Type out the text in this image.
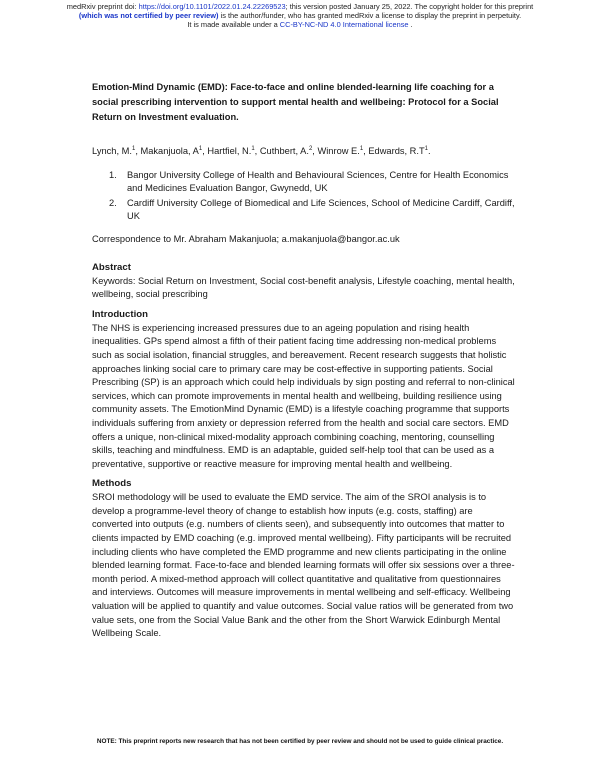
medRxiv preprint doi: https://doi.org/10.1101/2022.01.24.22269523; this version posted January 25, 2022. The copyright holder for this preprint
(which was not certified by peer review) is the author/funder, who has granted medRxiv a license to display the preprint in perpetuity.
It is made available under a CC-BY-NC-ND 4.0 International license .

Emotion-Mind Dynamic (EMD): Face-to-face and online blended-learning life coaching for a social prescribing intervention to support mental health and wellbeing: Protocol for a Social Return on Investment evaluation.

Lynch, M.$^1$, Makanjuola, $A^1$, Hartfiel, N.$^1$, Cuthbert, A.$^2$, Winrow E.$^1$, Edwards, $R.T^1$.

1. Bangor University College of Health and Behavioural Sciences, Centre for Health Economics and Medicines Evaluation Bangor, Gwynedd, UK
2. Cardiff University College of Biomedical and Life Sciences, School of Medicine Cardiff, Cardiff, UK

Correspondence to Mr. Abraham Makanjuola; a.makanjuola@bangor.ac.uk

Abstract

Keywords: Social Return on Investment, Social cost-benefit analysis, Lifestyle coaching, mental health, wellbeing, social prescribing

Introduction

The NHS is experiencing increased pressures due to an ageing population and rising health inequalities. GPs spend almost a fifth of their patient facing time addressing non-medical problems such as social isolation, financial struggles, and bereavement. Recent research suggests that holistic approaches linking social care to primary care may be cost-effective in supporting patients. Social Prescribing (SP) is an approach which could help individuals by sign posting and referral to non-clinical services, which can promote improvements in mental health and wellbeing, building resilience using community assets. The EmotionMind Dynamic (EMD) is a lifestyle coaching programme that supports individuals suffering from anxiety or depression referred from the health and social care sectors. EMD offers a unique, non-clinical mixed-modality approach combining coaching, mentoring, counselling skills, teaching and mindfulness. EMD is an adaptable, guided self-help tool that can be used as a preventative, supportive or reactive measure for improving mental health and wellbeing.

Methods

SROI methodology will be used to evaluate the EMD service. The aim of the SROI analysis is to develop a programme-level theory of change to establish how inputs (e.g. costs, staffing) are converted into outputs (e.g. numbers of clients seen), and subsequently into outcomes that matter to clients impacted by EMD coaching (e.g. improved mental wellbeing). Fifty participants will be recruited including clients who have completed the EMD programme and new clients participating in the online blended learning format. Face-to-face and blended learning formats will offer six sessions over a three-month period. A mixed-method approach will collect quantitative and qualitative from questionnaires and interviews. Outcomes will measure improvements in mental wellbeing and self-efficacy. Wellbeing valuation will be applied to quantify and value outcomes. Social value ratios will be generated from two value sets, one from the Social Value Bank and the other from the Short Warwick Edinburgh Mental Wellbeing Scale.

NOTE: This preprint reports new research that has not been certified by peer review and should not be used to guide clinical practice.
